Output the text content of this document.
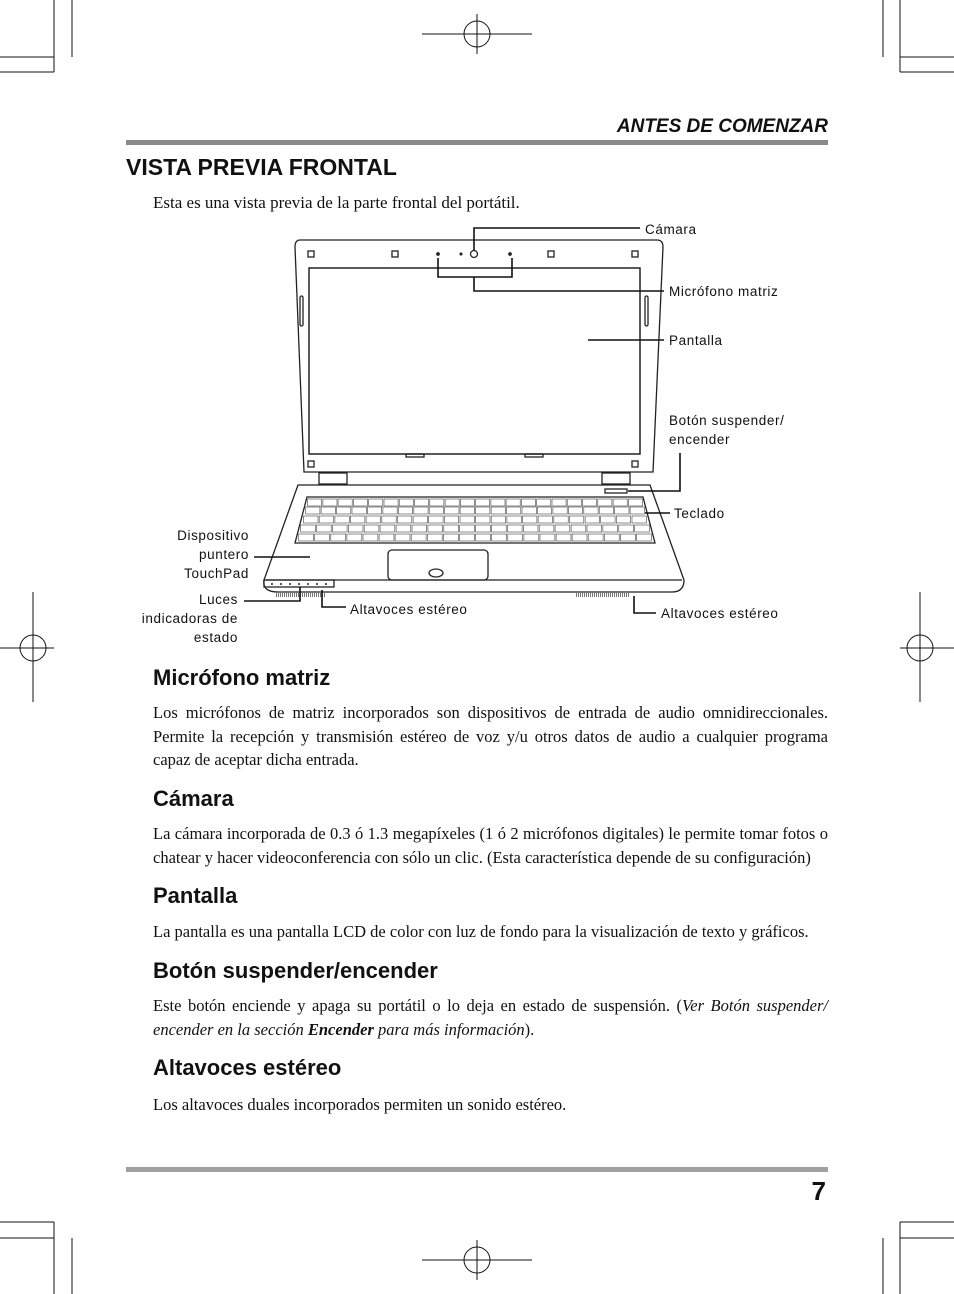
ANTES DE COMENZAR
VISTA PREVIA FRONTAL
Esta es una vista previa de la parte frontal del portátil.
Cámara
Micrófono matriz
Pantalla
Botón suspender/
encender
Teclado
Dispositivo
puntero
TouchPad
Luces
indicadoras de
estado
Altavoces estéreo	Altavoces estéreo
Micrófono matriz
Los micrófonos de matriz incorporados son dispositivos de entrada de audio omnidireccionales. Permite la recepción y transmisión estéreo de voz y/u otros datos de audio a cualquier programa capaz de aceptar dicha entrada.
Cámara
La cámara incorporada de 0.3 ó 1.3 megapíxeles (1 ó 2 micrófonos digitales) le permite tomar fotos o chatear y hacer videoconferencia con sólo un clic. (Esta característica depende de su configuración)
Pantalla
La pantalla es una pantalla LCD de color con luz de fondo para la visualización de texto y gráficos.
Botón suspender/encender
Este botón enciende y apaga su portátil o lo deja en estado de suspensión. (Ver Botón suspender/ encender en la sección Encender para más información).
Altavoces estéreo
Los altavoces duales incorporados permiten un sonido estéreo.
7
